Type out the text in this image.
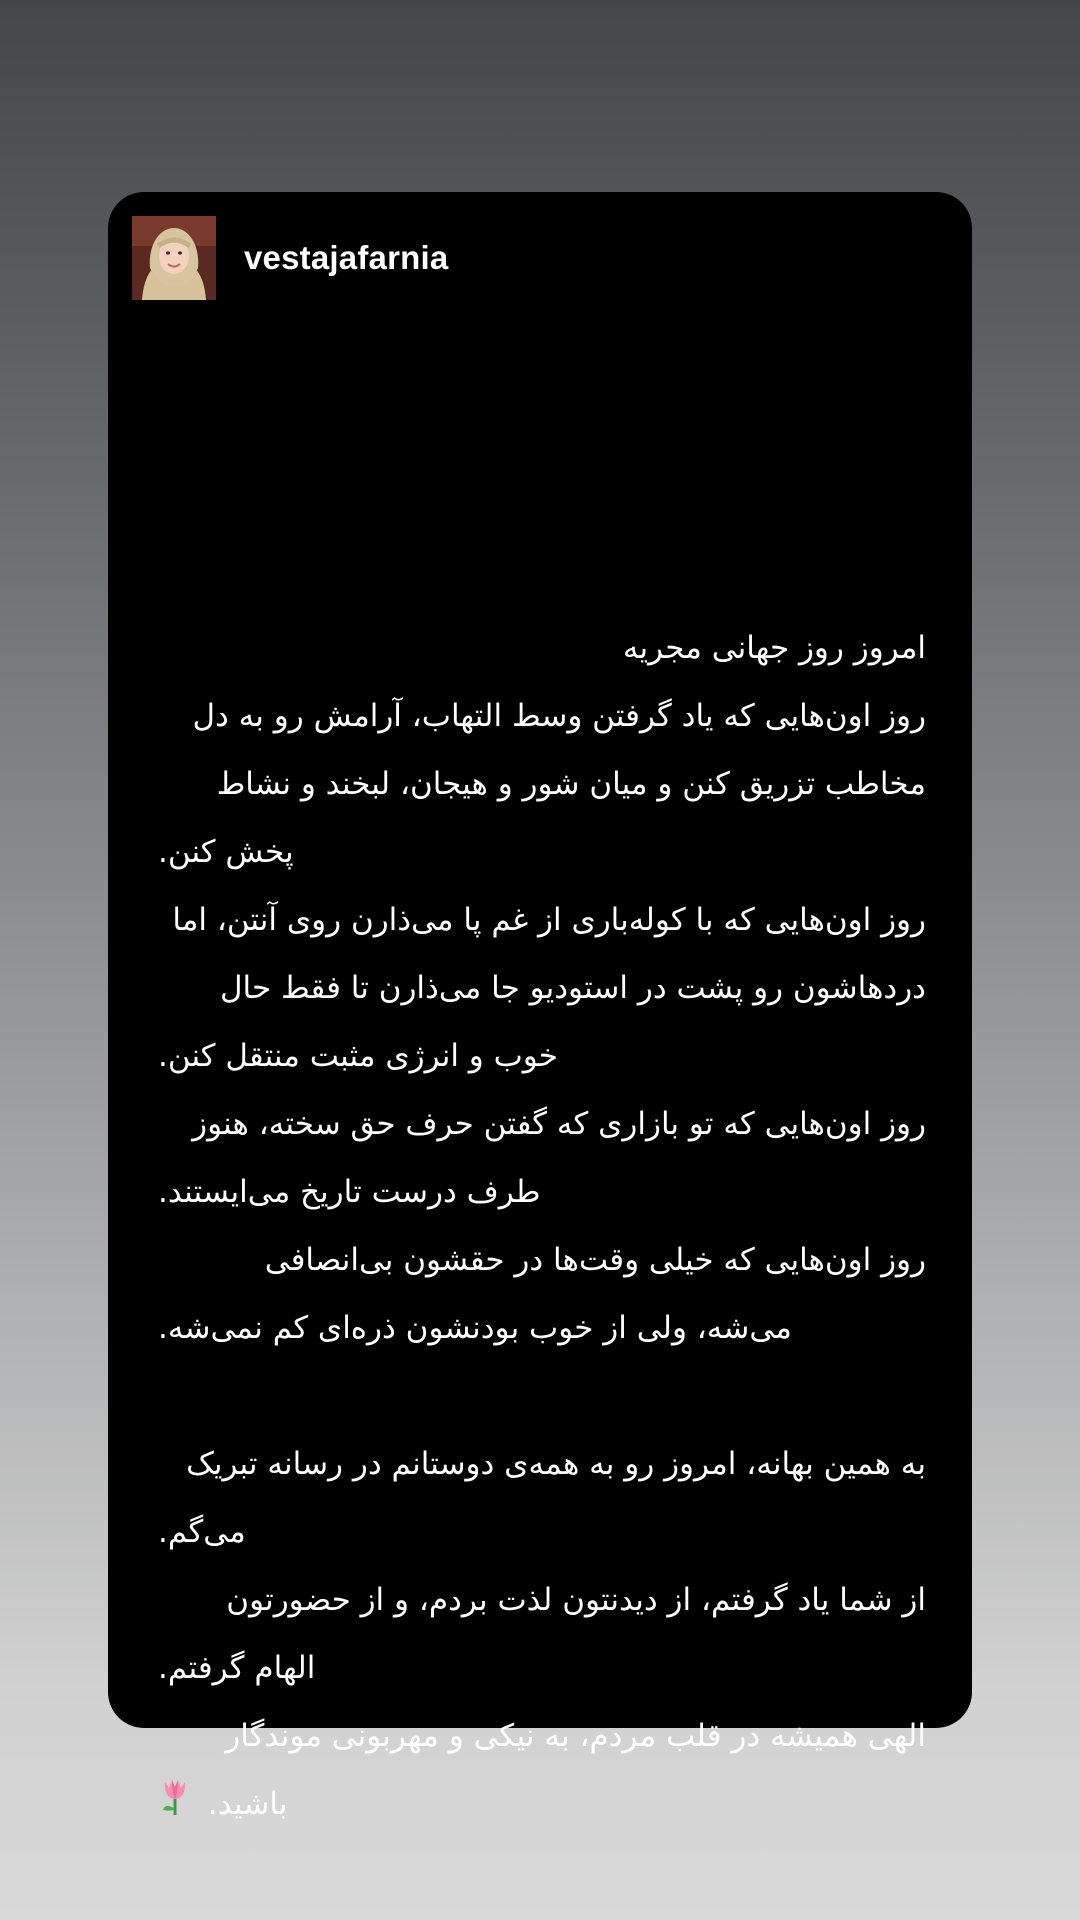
vestajafarnia
امروز روز جهانی مجریه
روز اون‌هایی که یاد گرفتن وسط التهاب، آرامش رو به دل
مخاطب تزریق کنن و میان شور و هیجان، لبخند و نشاط
پخش کنن.
روز اون‌هایی که با کوله‌باری از غم پا می‌ذارن روی آنتن، اما
دردهاشون رو پشت در استودیو جا می‌ذارن تا فقط حال
خوب و انرژی مثبت منتقل کنن.
روز اون‌هایی که تو بازاری که گفتن حرف حق سخته، هنوز
طرف درست تاریخ می‌ایستند.
روز اون‌هایی که خیلی وقت‌ها در حقشون بی‌انصافی
می‌شه، ولی از خوب بودنشون ذره‌ای کم نمی‌شه.
به همین بهانه، امروز رو به همه‌ی دوستانم در رسانه تبریک
می‌گم.
از شما یاد گرفتم، از دیدنتون لذت بردم، و از حضورتون
الهام گرفتم.
الهی همیشه در قلب مردم، به نیکی و مهربونی موندگار
باشید.
